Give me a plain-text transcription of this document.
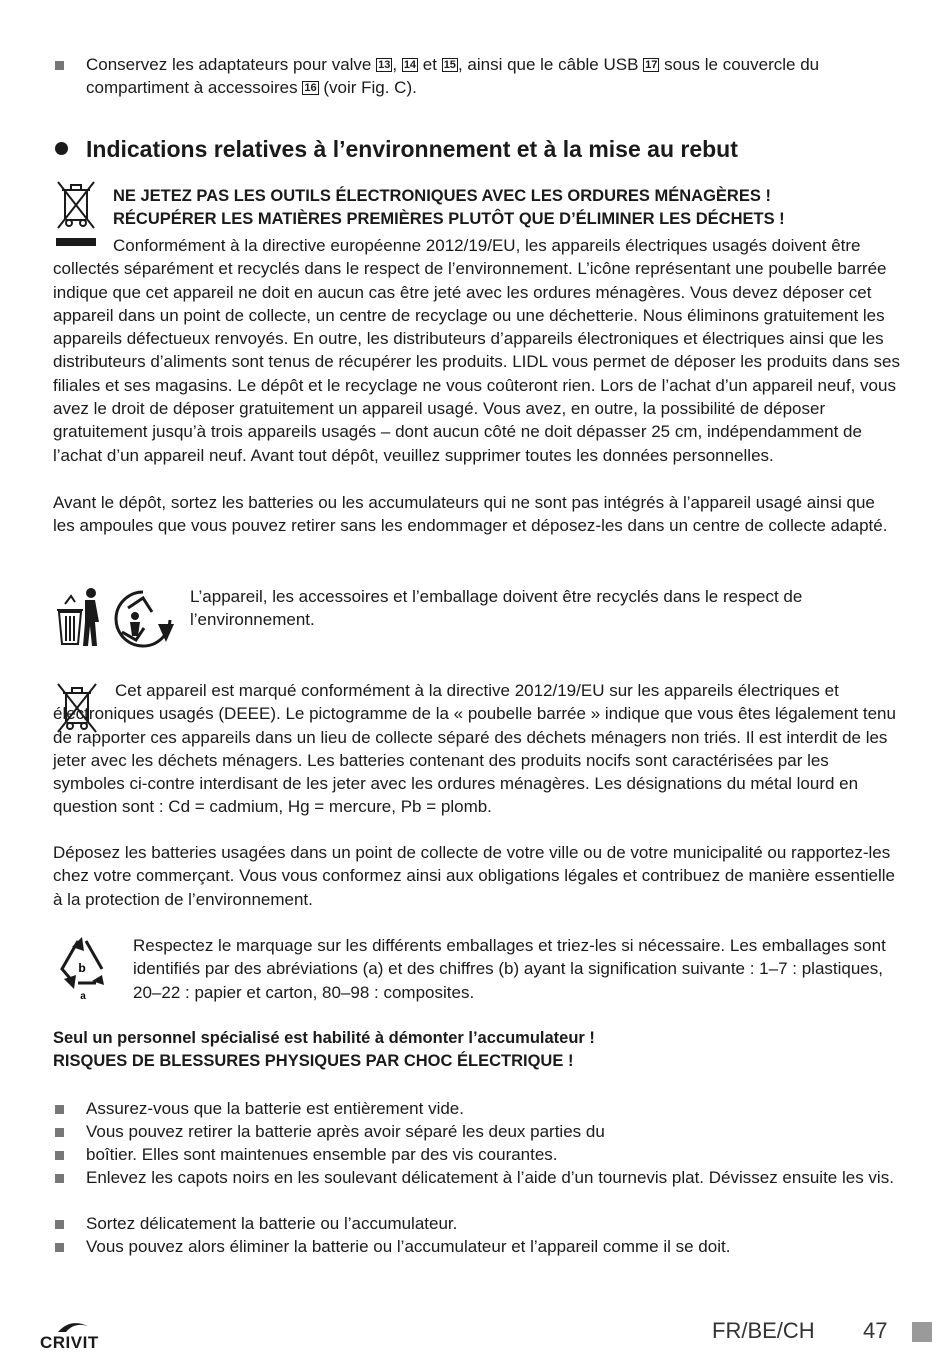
Conservez les adaptateurs pour valve 13 , 14 et 15 , ainsi que le câble USB 17 sous le couvercle du compartiment à accessoires 16 (voir Fig. C).
Indications relatives à l’environnement et à la mise au rebut
NE JETEZ PAS LES OUTILS ÉLECTRONIQUES AVEC LES ORDURES MÉNAGÈRES !
RÉCUPÉRER LES MATIÈRES PREMIÈRES PLUTÔT QUE D’ÉLIMINER LES DÉCHETS !
Conformément à la directive européenne 2012/19/EU, les appareils électriques usagés doivent être collectés séparément et recyclés dans le respect de l’environnement. L’icône représentant une poubelle barrée indique que cet appareil ne doit en aucun cas être jeté avec les ordures ménagères. Vous devez déposer cet appareil dans un point de collecte, un centre de recyclage ou une déchetterie. Nous éliminons gratuitement les appareils défectueux renvoyés. En outre, les distributeurs d’appareils électroniques et électriques ainsi que les distributeurs d’aliments sont tenus de récupérer les produits. LIDL vous permet de déposer les produits dans ses filiales et ses magasins. Le dépôt et le recyclage ne vous coûteront rien. Lors de l’achat d’un appareil neuf, vous avez le droit de déposer gratuitement un appareil usagé. Vous avez, en outre, la possibilité de déposer gratuitement jusqu’à trois appareils usagés – dont aucun côté ne doit dépasser 25 cm, indépendamment de l’achat d’un appareil neuf. Avant tout dépôt, veuillez supprimer toutes les données personnelles.
Avant le dépôt, sortez les batteries ou les accumulateurs qui ne sont pas intégrés à l’appareil usagé ainsi que les ampoules que vous pouvez retirer sans les endommager et déposez-les dans un centre de collecte adapté.
L’appareil, les accessoires et l’emballage doivent être recyclés dans le respect de l’environnement.
Cet appareil est marqué conformément à la directive 2012/19/EU sur les appareils électriques et électroniques usagés (DEEE). Le pictogramme de la « poubelle barrée » indique que vous êtes légalement tenu de rapporter ces appareils dans un lieu de collecte séparé des déchets ménagers non triés. Il est interdit de les jeter avec les déchets ménagers. Les batteries contenant des produits nocifs sont caractérisées par les symboles ci-contre interdisant de les jeter avec les ordures ménagères. Les désignations du métal lourd en question sont : Cd = cadmium, Hg = mercure, Pb = plomb.
Déposez les batteries usagées dans un point de collecte de votre ville ou de votre municipalité ou rapportez-les chez votre commerçant. Vous vous conformez ainsi aux obligations légales et contribuez de manière essentielle à la protection de l’environnement.
b
a
Respectez le marquage sur les différents emballages et triez-les si nécessaire. Les emballages sont identifiés par des abréviations (a) et des chiffres (b) ayant la signification suivante : 1–7 : plastiques, 20–22 : papier et carton, 80–98 : composites.
Seul un personnel spécialisé est habilité à démonter l’accumulateur !
RISQUES DE BLESSURES PHYSIQUES PAR CHOC ÉLECTRIQUE !
Assurez-vous que la batterie est entièrement vide.
Vous pouvez retirer la batterie après avoir séparé les deux parties du
boîtier. Elles sont maintenues ensemble par des vis courantes.
Enlevez les capots noirs en les soulevant délicatement à l’aide d’un tournevis plat. Dévissez ensuite les vis.
Sortez délicatement la batterie ou l’accumulateur.
Vous pouvez alors éliminer la batterie ou l’accumulateur et l’appareil comme il se doit.
CRIVIT	FR/BE/CH 47
